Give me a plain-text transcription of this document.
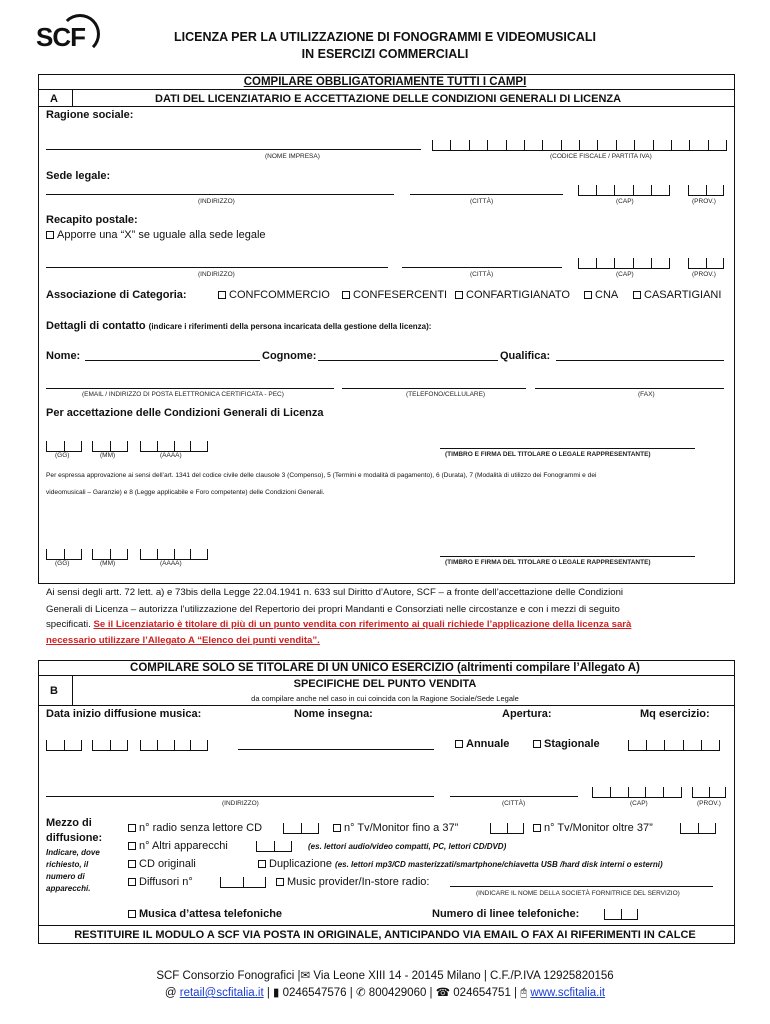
SCF	LICENZA PER LA UTILIZZAZIONE DI FONOGRAMMI E VIDEOMUSICALI
IN ESERCIZI COMMERCIALI
COMPILARE OBBLIGATORIAMENTE TUTTI I CAMPI
A	DATI DEL LICENZIATARIO E ACCETTAZIONE DELLE CONDIZIONI GENERALI DI LICENZA
Ragione sociale:
(NOME IMPRESA)	(CODICE FISCALE / PARTITA IVA)
Sede legale:
(INDIRIZZO)	(CITTÀ)	(CAP)	(PROV.)
Recapito postale:
Apporre una “X” se uguale alla sede legale
(INDIRIZZO)	(CITTÀ)	(CAP)	(PROV.)
Associazione di Categoria:	CONFCOMMERCIO	CONFESERCENTI	CONFARTIGIANATO	CNA	CASARTIGIANI
Dettagli di contatto (indicare i riferimenti della persona incaricata della gestione della licenza):
Nome:	Cognome:	Qualifica:
(EMAIL / INDIRIZZO DI POSTA ELETTRONICA CERTIFICATA - PEC)	(TELEFONO/CELLULARE)	(FAX)
Per accettazione delle Condizioni Generali di Licenza
(GG)	(MM)	(AAAA)	(TIMBRO E FIRMA DEL TITOLARE O LEGALE RAPPRESENTANTE)
Per espressa approvazione ai sensi dell’art. 1341 del codice civile delle clausole 3 (Compenso), 5 (Termini e modalità di pagamento), 6 (Durata), 7 (Modalità di utilizzo dei Fonogrammi e dei
videomusicali – Garanzie) e 8 (Legge applicabile e Foro competente) delle Condizioni Generali.
(GG)	(MM)	(AAAA)	(TIMBRO E FIRMA DEL TITOLARE O LEGALE RAPPRESENTANTE)
Ai sensi degli artt. 72 lett. a) e 73bis della Legge 22.04.1941 n. 633 sul Diritto d’Autore, SCF – a fronte dell’accettazione delle Condizioni
Generali di Licenza – autorizza l’utilizzazione del Repertorio dei propri Mandanti e Consorziati nelle circostanze e con i mezzi di seguito
specificati. Se il Licenziatario è titolare di più di un punto vendita con riferimento ai quali richiede l’applicazione della licenza sarà
necessario utilizzare l’Allegato A “Elenco dei punti vendita”.
COMPILARE SOLO SE TITOLARE DI UN UNICO ESERCIZIO (altrimenti compilare l’Allegato A)
B
SPECIFICHE DEL PUNTO VENDITA
da compilare anche nel caso in cui coincida con la Ragione Sociale/Sede Legale
Data inizio diffusione musica:	Nome insegna:	Apertura:	Mq esercizio:
Annuale	Stagionale
(INDIRIZZO)	(CITTÀ)	(CAP)	(PROV.)
Mezzo di
diffusione:
Indicare, dove
richiesto, il
numero di
apparecchi.
n° radio senza lettore CD	n° Tv/Monitor fino a 37”	n° Tv/Monitor oltre 37”
n° Altri apparecchi	(es. lettori audio/video compatti, PC, lettori CD/DVD)
CD originali	Duplicazione (es. lettori mp3/CD masterizzati/smartphone/chiavetta USB /hard disk interni o esterni)
Diffusori n°	Music provider/In-store radio:
(INDICARE IL NOME DELLA SOCIETÀ FORNITRICE DEL SERVIZIO)
Musica d’attesa telefoniche	Numero di linee telefoniche:
RESTITUIRE IL MODULO A SCF VIA POSTA IN ORIGINALE, ANTICIPANDO VIA EMAIL O FAX AI RIFERIMENTI IN CALCE
SCF Consorzio Fonografici |✉ Via Leone XIII 14 - 20145 Milano | C.F./P.IVA 12925820156
@ retail@scfitalia.it | ▮ 0246547576 | ✆ 800429060 | ☎ 024654751 | 🖰 www.scfitalia.it
